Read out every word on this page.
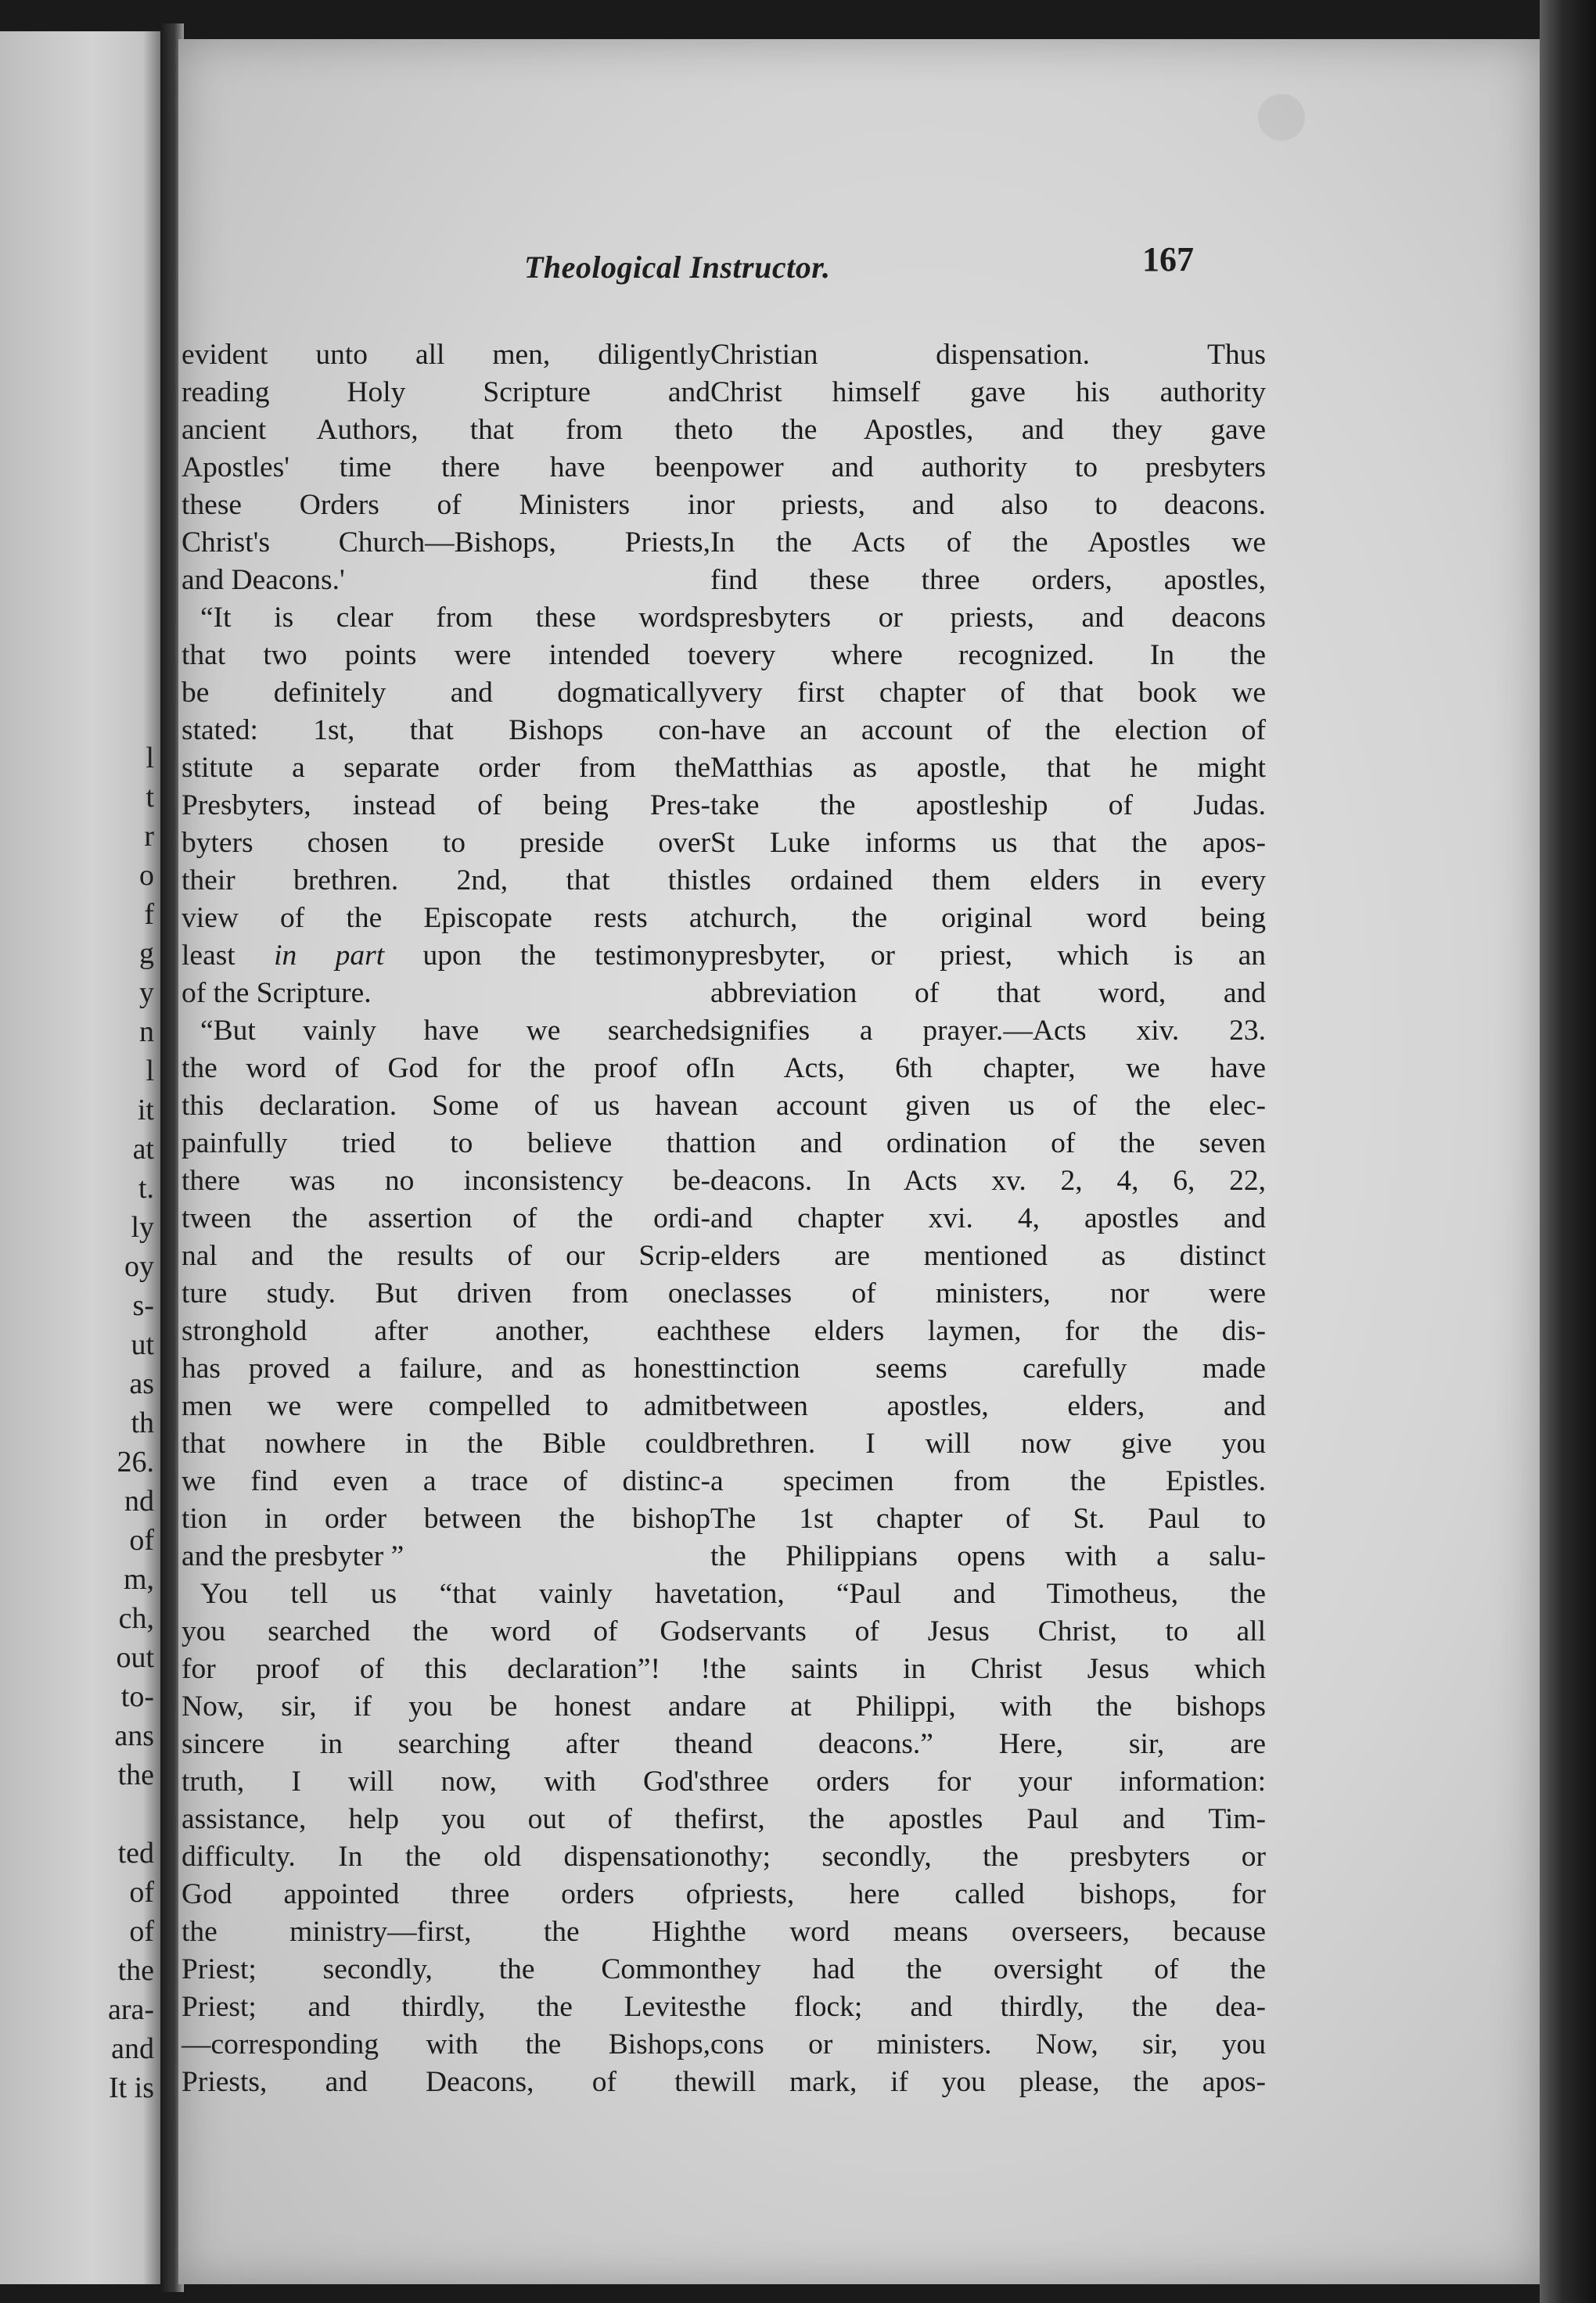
l
t
r
o
f
g
y
n
l
it
at
t.
ly
oy
s-
ut
as
th
26.
nd
of
m,
ch,
out
to-
ans
the
ted
of
of
the
ara-
and
It is
Theological Instructor.	167
evident unto all men, diligently
reading Holy Scripture and
ancient Authors, that from the
Apostles' time there have been
these Orders of Ministers in
Christ's Church—Bishops, Priests,
and Deacons.'
“It is clear from these words
that two points were intended to
be definitely and dogmatically
stated: 1st, that Bishops con-
stitute a separate order from the
Presbyters, instead of being Pres-
byters chosen to preside over
their brethren. 2nd, that this
view of the Episcopate rests at
least in part upon the testimony
of the Scripture.
“But vainly have we searched
the word of God for the proof of
this declaration. Some of us have
painfully tried to believe that
there was no inconsistency be-
tween the assertion of the ordi-
nal and the results of our Scrip-
ture study. But driven from one
stronghold after another, each
has proved a failure, and as honest
men we were compelled to admit
that nowhere in the Bible could
we find even a trace of distinc-
tion in order between the bishop
and the presbyter ”
You tell us “that vainly have
you searched the word of God
for proof of this declaration”! !
Now, sir, if you be honest and
sincere in searching after the
truth, I will now, with God's
assistance, help you out of the
difficulty. In the old dispensation
God appointed three orders of
the ministry—first, the High
Priest; secondly, the Common
Priest; and thirdly, the Levites
—corresponding with the Bishops,
Priests, and Deacons, of the
Christian dispensation. Thus
Christ himself gave his authority
to the Apostles, and they gave
power and authority to presbyters
or priests, and also to deacons.
In the Acts of the Apostles we
find these three orders, apostles,
presbyters or priests, and deacons
every where recognized. In the
very first chapter of that book we
have an account of the election of
Matthias as apostle, that he might
take the apostleship of Judas.
St Luke informs us that the apos-
tles ordained them elders in every
church, the original word being
presbyter, or priest, which is an
abbreviation of that word, and
signifies a prayer.—Acts xiv. 23.
In Acts, 6th chapter, we have
an account given us of the elec-
tion and ordination of the seven
deacons. In Acts xv. 2, 4, 6, 22,
and chapter xvi. 4, apostles and
elders are mentioned as distinct
classes of ministers, nor were
these elders laymen, for the dis-
tinction seems carefully made
between apostles, elders, and
brethren. I will now give you
a specimen from the Epistles.
The 1st chapter of St. Paul to
the Philippians opens with a salu-
tation, “Paul and Timotheus, the
servants of Jesus Christ, to all
the saints in Christ Jesus which
are at Philippi, with the bishops
and deacons.” Here, sir, are
three orders for your information:
first, the apostles Paul and Tim-
othy; secondly, the presbyters or
priests, here called bishops, for
the word means overseers, because
they had the oversight of the
the flock; and thirdly, the dea-
cons or ministers. Now, sir, you
will mark, if you please, the apos-
